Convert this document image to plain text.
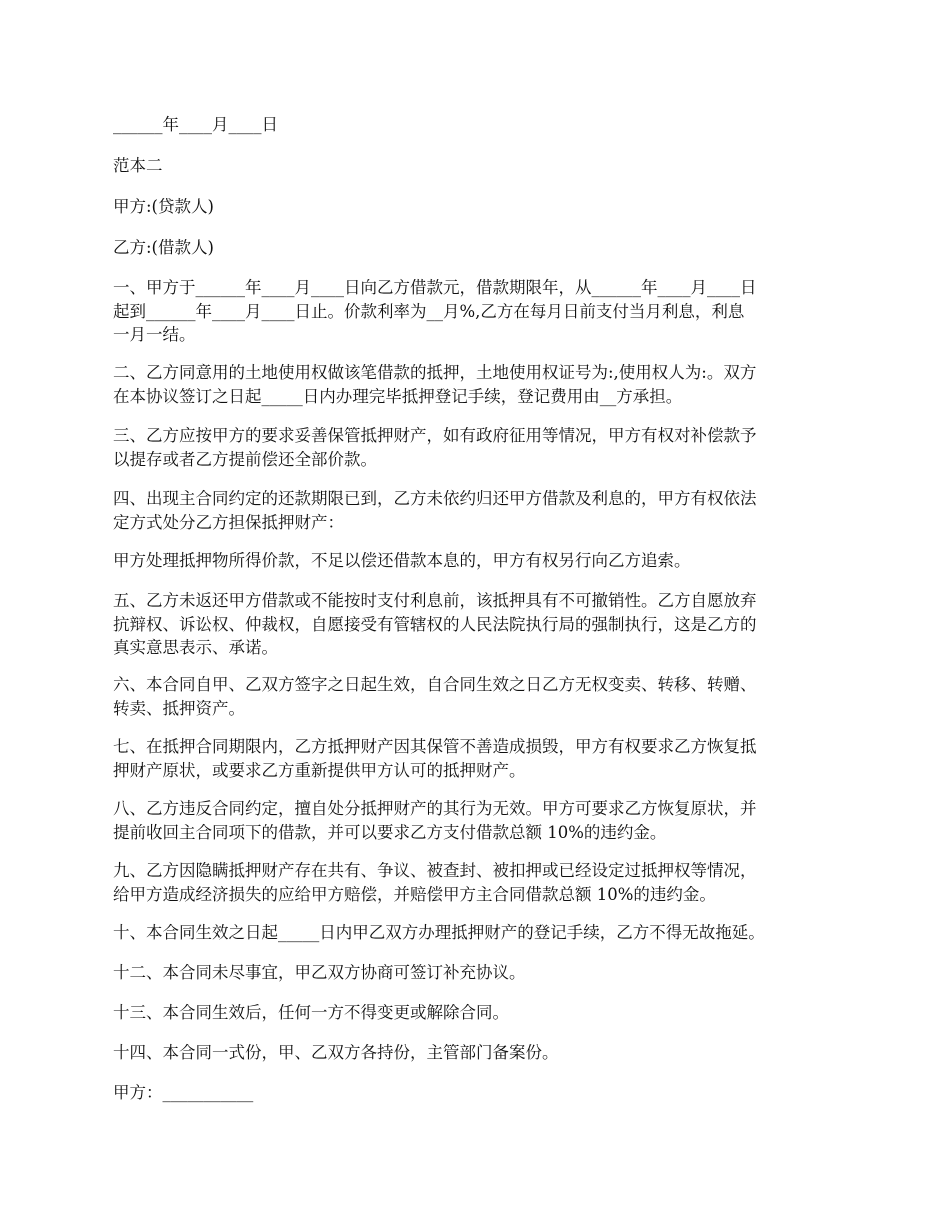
______年____月____日

范本二

甲方:(贷款人)

乙方:(借款人)

一、甲方于______年____月____日向乙方借款元，借款期限年，从______年____月____日
起到______年____月____日止。价款利率为__月%,乙方在每月日前支付当月利息，利息
一月一结。

二、乙方同意用的土地使用权做该笔借款的抵押，土地使用权证号为:,使用权人为:。双方
在本协议签订之日起_____日内办理完毕抵押登记手续，登记费用由__方承担。

三、乙方应按甲方的要求妥善保管抵押财产，如有政府征用等情况，甲方有权对补偿款予
以提存或者乙方提前偿还全部价款。

四、出现主合同约定的还款期限已到，乙方未依约归还甲方借款及利息的，甲方有权依法
定方式处分乙方担保抵押财产：

甲方处理抵押物所得价款，不足以偿还借款本息的，甲方有权另行向乙方追索。

五、乙方未返还甲方借款或不能按时支付利息前，该抵押具有不可撤销性。乙方自愿放弃
抗辩权、诉讼权、仲裁权，自愿接受有管辖权的人民法院执行局的强制执行，这是乙方的
真实意思表示、承诺。

六、本合同自甲、乙双方签字之日起生效，自合同生效之日乙方无权变卖、转移、转赠、
转卖、抵押资产。

七、在抵押合同期限内，乙方抵押财产因其保管不善造成损毁，甲方有权要求乙方恢复抵
押财产原状，或要求乙方重新提供甲方认可的抵押财产。

八、乙方违反合同约定，擅自处分抵押财产的其行为无效。甲方可要求乙方恢复原状，并
提前收回主合同项下的借款，并可以要求乙方支付借款总额 10%的违约金。

九、乙方因隐瞒抵押财产存在共有、争议、被查封、被扣押或已经设定过抵押权等情况，
给甲方造成经济损失的应给甲方赔偿，并赔偿甲方主合同借款总额 10%的违约金。

十、本合同生效之日起_____日内甲乙双方办理抵押财产的登记手续，乙方不得无故拖延。

十二、本合同未尽事宜，甲乙双方协商可签订补充协议。

十三、本合同生效后，任何一方不得变更或解除合同。

十四、本合同一式份，甲、乙双方各持份，主管部门备案份。

甲方：___________
